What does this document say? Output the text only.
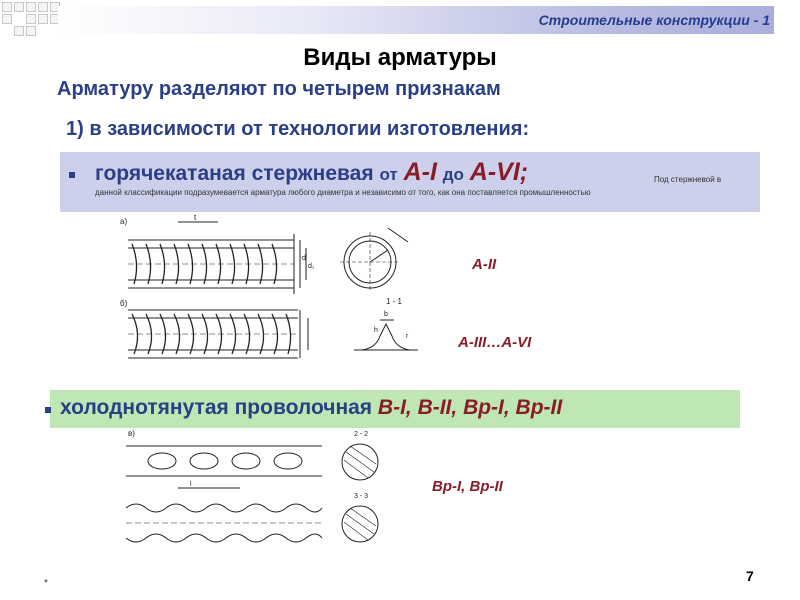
Строительные конструкции - 1
Виды арматуры
Арматуру разделяют по четырем признакам
1) в зависимости от технологии изготовления:
горячекатаная стержневая от А-I до А-VI;	Под стержневой в
данной классификации подразумевается арматура любого диаметра и независимо от того, как она поставляется промышленностью
а)	t
d
d₁	А-II
б)	1 - 1
h
b
r	А-III…А-VI
холоднотянутая проволочная В-I, В-II, Вр-I, Вр-II
в)
l
2 - 2
3 - 3
Вр-I, Вр-II
*	7
